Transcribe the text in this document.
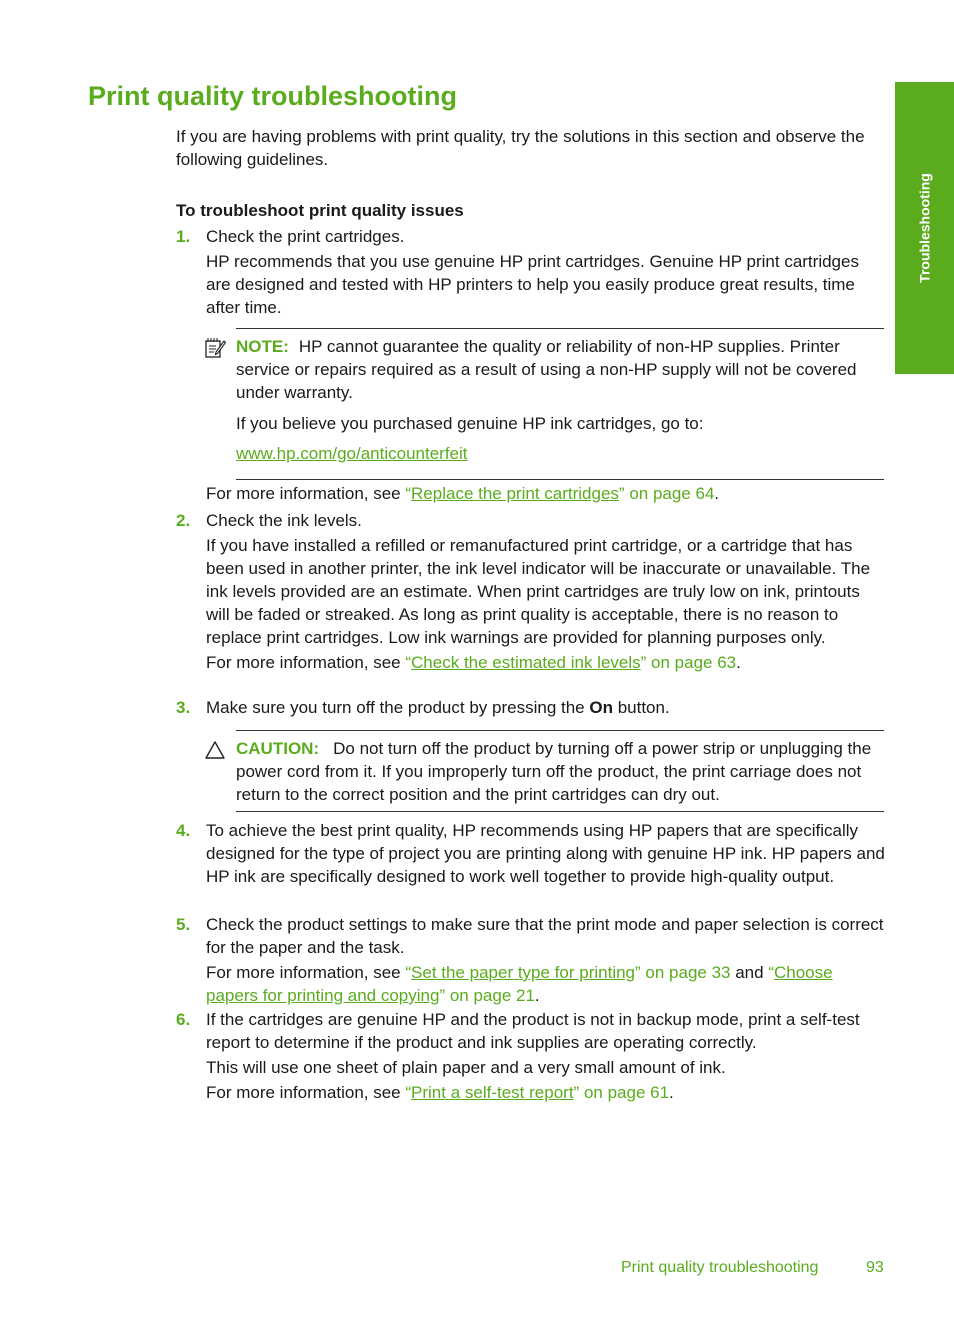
Troubleshooting
Print quality troubleshooting

If you are having problems with print quality, try the solutions in this section and observe the following guidelines.

To troubleshoot print quality issues

1. Check the print cartridges.

HP recommends that you use genuine HP print cartridges. Genuine HP print cartridges are designed and tested with HP printers to help you easily produce great results, time after time.

NOTE: HP cannot guarantee the quality or reliability of non-HP supplies. Printer service or repairs required as a result of using a non-HP supply will not be covered under warranty.

If you believe you purchased genuine HP ink cartridges, go to:

www.hp.com/go/anticounterfeit

For more information, see “Replace the print cartridges” on page 64.

2. Check the ink levels.

If you have installed a refilled or remanufactured print cartridge, or a cartridge that has been used in another printer, the ink level indicator will be inaccurate or unavailable. The ink levels provided are an estimate. When print cartridges are truly low on ink, printouts will be faded or streaked. As long as print quality is acceptable, there is no reason to replace print cartridges. Low ink warnings are provided for planning purposes only.

For more information, see “Check the estimated ink levels” on page 63.

3. Make sure you turn off the product by pressing the On button.

CAUTION: Do not turn off the product by turning off a power strip or unplugging the power cord from it. If you improperly turn off the product, the print carriage does not return to the correct position and the print cartridges can dry out.

4. To achieve the best print quality, HP recommends using HP papers that are specifically designed for the type of project you are printing along with genuine HP ink. HP papers and HP ink are specifically designed to work well together to provide high-quality output.

5. Check the product settings to make sure that the print mode and paper selection is correct for the paper and the task.

For more information, see “Set the paper type for printing” on page 33 and “Choose papers for printing and copying” on page 21.

6. If the cartridges are genuine HP and the product is not in backup mode, print a self-test report to determine if the product and ink supplies are operating correctly.

This will use one sheet of plain paper and a very small amount of ink.

For more information, see “Print a self-test report” on page 61.

Print quality troubleshooting	93
